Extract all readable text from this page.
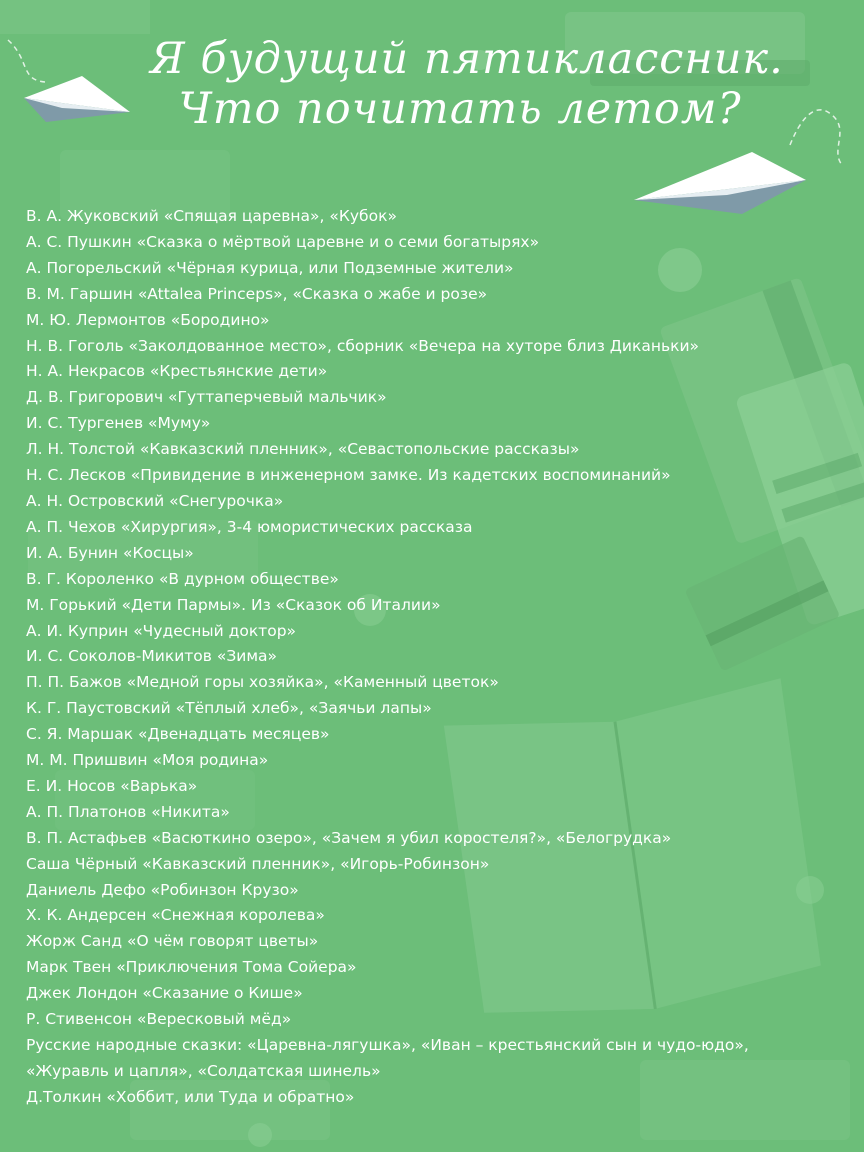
Я будущий пятиклассник.
Что почитать летом?
В. А. Жуковский «Спящая царевна», «Кубок»
А. С. Пушкин «Сказка о мёртвой царевне и о семи богатырях»
А. Погорельский «Чёрная курица, или Подземные жители»
В. М. Гаршин «Attalea Princeps», «Сказка о жабе и розе»
М. Ю. Лермонтов «Бородино»
Н. В. Гоголь «Заколдованное место», сборник «Вечера на хуторе близ Диканьки»
Н. А. Некрасов «Крестьянские дети»
Д. В. Григорович «Гуттаперчевый мальчик»
И. С. Тургенев «Муму»
Л. Н. Толстой «Кавказский пленник», «Севастопольские рассказы»
Н. С. Лесков «Привидение в инженерном замке. Из кадетских воспоминаний»
А. Н. Островский «Снегурочка»
А. П. Чехов «Хирургия», 3-4 юмористических рассказа
И. А. Бунин «Косцы»
В. Г. Короленко «В дурном обществе»
М. Горький «Дети Пармы». Из «Сказок об Италии»
А. И. Куприн «Чудесный доктор»
И. С. Соколов-Микитов «Зима»
П. П. Бажов «Медной горы хозяйка», «Каменный цветок»
К. Г. Паустовский «Тёплый хлеб», «Заячьи лапы»
С. Я. Маршак «Двенадцать месяцев»
М. М. Пришвин «Моя родина»
Е. И. Носов «Варька»
А. П. Платонов «Никита»
В. П. Астафьев «Васюткино озеро», «Зачем я убил коростеля?», «Белогрудка»
Саша Чёрный «Кавказский пленник», «Игорь-Робинзон»
Даниель Дефо «Робинзон Крузо»
Х. К. Андерсен «Снежная королева»
Жорж Санд «О чём говорят цветы»
Марк Твен «Приключения Тома Сойера»
Джек Лондон «Сказание о Кише»
Р. Стивенсон «Вересковый мёд»
Русские народные сказки: «Царевна-лягушка», «Иван – крестьянский сын и чудо-юдо»,
«Журавль и цапля», «Солдатская шинель»
Д.Толкин «Хоббит, или Туда и обратно»
